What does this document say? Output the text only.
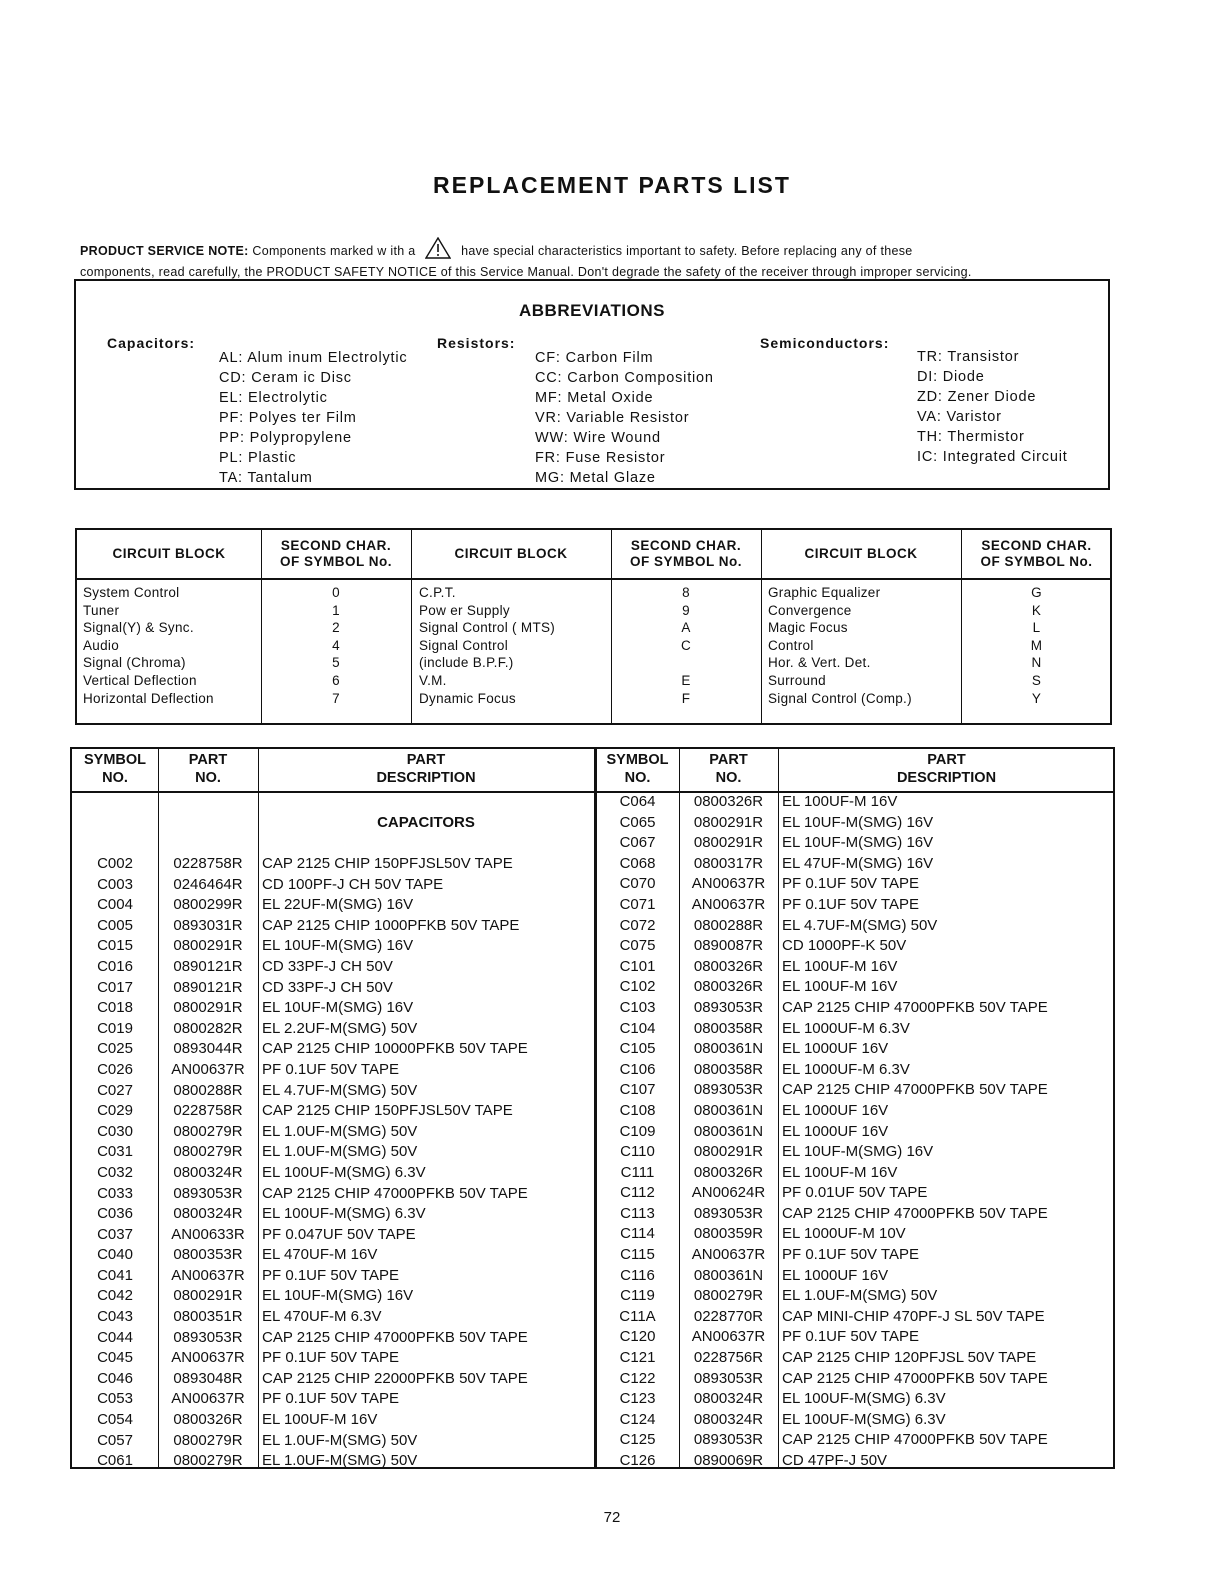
REPLACEMENT PARTS LIST
PRODUCT SERVICE NOTE: Components marked w ith a	have special characteristics important to safety. Before replacing any of these
components, read carefully, the PRODUCT SAFETY NOTICE of this Service Manual. Don't degrade the safety of the receiver through improper servicing.
ABBREVIATIONS
Capacitors:
AL: Alum inum Electrolytic
CD: Ceram ic Disc
EL: Electrolytic
PF: Polyes ter Film
PP: Polypropylene
PL: Plastic
TA: Tantalum
Resistors:
CF: Carbon Film
CC: Carbon Composition
MF: Metal Oxide
VR: Variable Resistor
WW: Wire Wound
FR: Fuse Resistor
MG: Metal Glaze
Semiconductors:
TR: Transistor
DI: Diode
ZD: Zener Diode
VA: Varistor
TH: Thermistor
IC: Integrated Circuit
CIRCUIT BLOCK
SECOND CHAR.
OF SYMBOL No.
CIRCUIT BLOCK
SECOND CHAR.
OF SYMBOL No.
CIRCUIT BLOCK
SECOND CHAR.
OF SYMBOL No.
System Control
Tuner
Signal(Y) & Sync.
Audio
Signal (Chroma)
Vertical Deflection
Horizontal Deflection
0
1
2
4
5
6
7
C.P.T.
Pow er Supply
Signal Control ( MTS)
Signal Control
(include B.P.F.)
V.M.
Dynamic Focus
8
9
A
C

E
F
Graphic Equalizer
Convergence
Magic Focus
Control
Hor. & Vert. Det.
Surround
Signal Control (Comp.)
G
K
L
M
N
S
Y
SYMBOL
NO.
PART
NO.
PART
DESCRIPTION
SYMBOL
NO.
PART
NO.
PART
DESCRIPTION
CAPACITORS
C002
C003
C004
C005
C015
C016
C017
C018
C019
C025
C026
C027
C029
C030
C031
C032
C033
C036
C037
C040
C041
C042
C043
C044
C045
C046
C053
C054
C057
C061
0228758R
0246464R
0800299R
0893031R
0800291R
0890121R
0890121R
0800291R
0800282R
0893044R
AN00637R
0800288R
0228758R
0800279R
0800279R
0800324R
0893053R
0800324R
AN00633R
0800353R
AN00637R
0800291R
0800351R
0893053R
AN00637R
0893048R
AN00637R
0800326R
0800279R
0800279R
CAP 2125 CHIP 150PFJSL50V TAPE
CD 100PF-J CH 50V TAPE
EL 22UF-M(SMG) 16V
CAP 2125 CHIP 1000PFKB 50V TAPE
EL 10UF-M(SMG) 16V
CD 33PF-J CH 50V
CD 33PF-J CH 50V
EL 10UF-M(SMG) 16V
EL 2.2UF-M(SMG) 50V
CAP 2125 CHIP 10000PFKB 50V TAPE
PF 0.1UF 50V TAPE
EL 4.7UF-M(SMG) 50V
CAP 2125 CHIP 150PFJSL50V TAPE
EL 1.0UF-M(SMG) 50V
EL 1.0UF-M(SMG) 50V
EL 100UF-M(SMG) 6.3V
CAP 2125 CHIP 47000PFKB 50V TAPE
EL 100UF-M(SMG) 6.3V
PF 0.047UF 50V TAPE
EL 470UF-M 16V
PF 0.1UF 50V TAPE
EL 10UF-M(SMG) 16V
EL 470UF-M 6.3V
CAP 2125 CHIP 47000PFKB 50V TAPE
PF 0.1UF 50V TAPE
CAP 2125 CHIP 22000PFKB 50V TAPE
PF 0.1UF 50V TAPE
EL 100UF-M 16V
EL 1.0UF-M(SMG) 50V
EL 1.0UF-M(SMG) 50V
C064
C065
C067
C068
C070
C071
C072
C075
C101
C102
C103
C104
C105
C106
C107
C108
C109
C110
C111
C112
C113
C114
C115
C116
C119
C11A
C120
C121
C122
C123
C124
C125
C126
0800326R
0800291R
0800291R
0800317R
AN00637R
AN00637R
0800288R
0890087R
0800326R
0800326R
0893053R
0800358R
0800361N
0800358R
0893053R
0800361N
0800361N
0800291R
0800326R
AN00624R
0893053R
0800359R
AN00637R
0800361N
0800279R
0228770R
AN00637R
0228756R
0893053R
0800324R
0800324R
0893053R
0890069R
EL 100UF-M 16V
EL 10UF-M(SMG) 16V
EL 10UF-M(SMG) 16V
EL 47UF-M(SMG) 16V
PF 0.1UF 50V TAPE
PF 0.1UF 50V TAPE
EL 4.7UF-M(SMG) 50V
CD 1000PF-K 50V
EL 100UF-M 16V
EL 100UF-M 16V
CAP 2125 CHIP 47000PFKB 50V TAPE
EL 1000UF-M 6.3V
EL 1000UF 16V
EL 1000UF-M 6.3V
CAP 2125 CHIP 47000PFKB 50V TAPE
EL 1000UF 16V
EL 1000UF 16V
EL 10UF-M(SMG) 16V
EL 100UF-M 16V
PF 0.01UF 50V TAPE
CAP 2125 CHIP 47000PFKB 50V TAPE
EL 1000UF-M 10V
PF 0.1UF 50V TAPE
EL 1000UF 16V
EL 1.0UF-M(SMG) 50V
CAP MINI-CHIP 470PF-J SL 50V TAPE
PF 0.1UF 50V TAPE
CAP 2125 CHIP 120PFJSL 50V TAPE
CAP 2125 CHIP 47000PFKB 50V TAPE
EL 100UF-M(SMG) 6.3V
EL 100UF-M(SMG) 6.3V
CAP 2125 CHIP 47000PFKB 50V TAPE
CD 47PF-J 50V
72
